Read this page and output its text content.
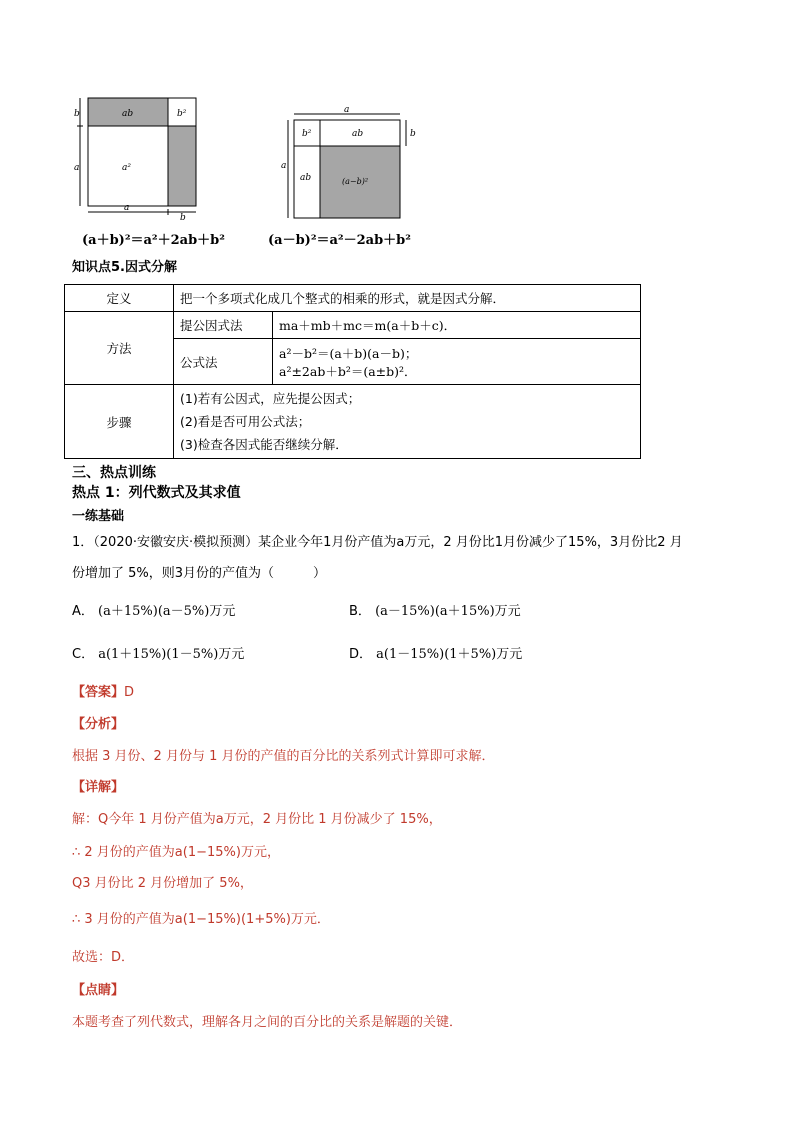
ab	b²
a²
b
a
a
b
(a＋b)²＝a²＋2ab＋b²
a
b²	ab	b
a
ab	(a−b)²
(a－b)²＝a²－2ab＋b²
知识点5.因式分解
定义	把一个多项式化成几个整式的相乘的形式，就是因式分解．	
方法	提公因式法	ma＋mb＋mc＝m(a＋b＋c)．
	公式法	a²－b²＝(a＋b)(a－b)；
a²±2ab＋b²＝(a±b)²．

步骤	(1)若有公因式，应先提公因式；
(2)看是否可用公式法；
(3)检查各因式能否继续分解．	
三、热点训练
热点 1：列代数式及其求值
一练基础
1．（2020·安徽安庆·模拟预测）某企业今年1月份产值为a万元，2 月份比1月份减少了15%，3月份比2 月
份增加了 5%，则3月份的产值为（　　　）
A． (a＋15%)(a－5%)万元	B． (a－15%)(a＋15%)万元
C． a(1＋15%)(1－5%)万元	D． a(1－15%)(1＋5%)万元
【答案】D
【分析】
根据 3 月份、2 月份与 1 月份的产值的百分比的关系列式计算即可求解．
【详解】
解：Q今年 1 月份产值为a万元，2 月份比 1 月份减少了 15%，
∴ 2 月份的产值为a(1−15%)万元，
Q3 月份比 2 月份增加了 5%，
∴ 3 月份的产值为a(1−15%)(1+5%)万元．
故选：D．
【点睛】
本题考查了列代数式，理解各月之间的百分比的关系是解题的关键．
